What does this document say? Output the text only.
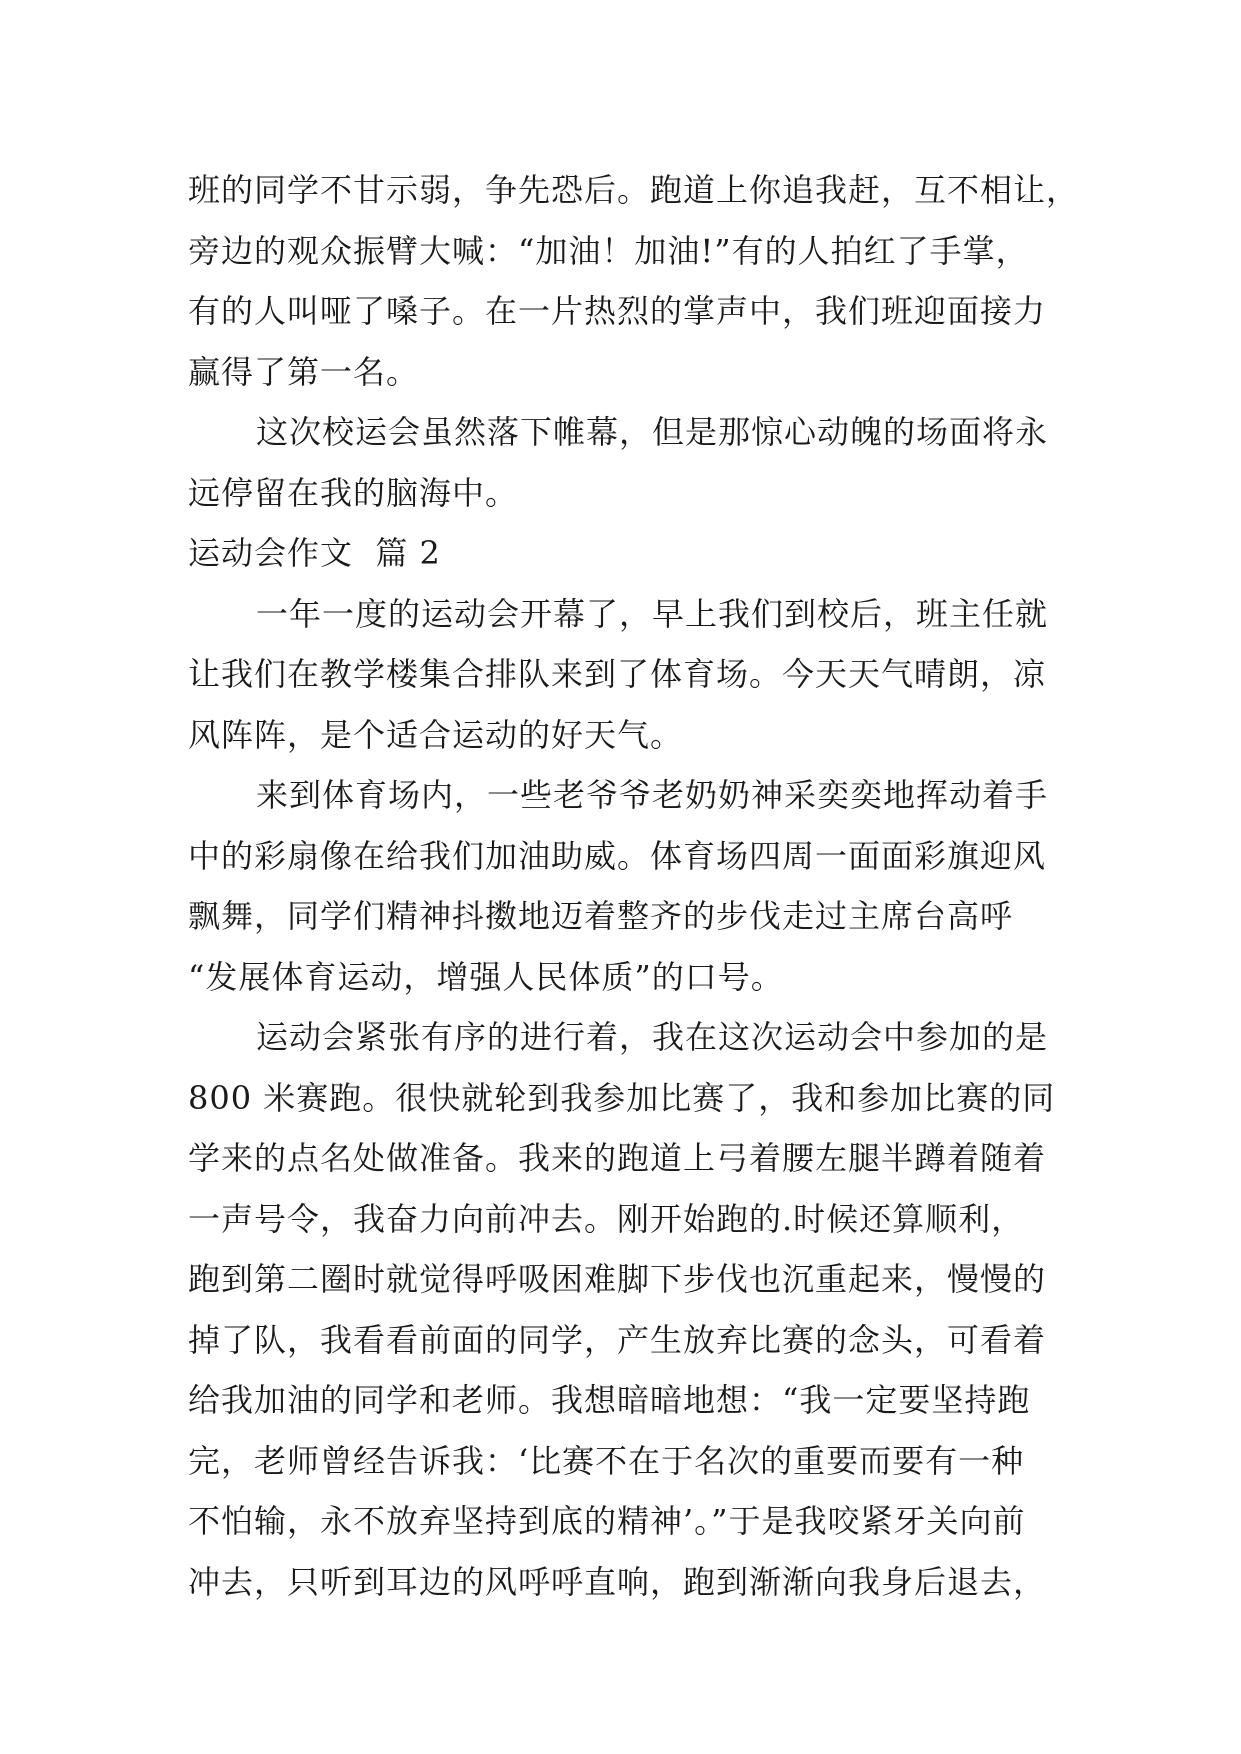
班的同学不甘示弱，争先恐后。跑道上你追我赶，互不相让，
旁边的观众振臂大喊：“加油！加油!”有的人拍红了手掌，
有的人叫哑了嗓子。在一片热烈的掌声中，我们班迎面接力
赢得了第一名。
这次校运会虽然落下帷幕，但是那惊心动魄的场面将永
远停留在我的脑海中。
运动会作文  篇 2
一年一度的运动会开幕了，早上我们到校后，班主任就
让我们在教学楼集合排队来到了体育场。今天天气晴朗，凉
风阵阵，是个适合运动的好天气。
来到体育场内，一些老爷爷老奶奶神采奕奕地挥动着手
中的彩扇像在给我们加油助威。体育场四周一面面彩旗迎风
飘舞，同学们精神抖擞地迈着整齐的步伐走过主席台高呼
“发展体育运动，增强人民体质”的口号。
运动会紧张有序的进行着，我在这次运动会中参加的是
800 米赛跑。很快就轮到我参加比赛了，我和参加比赛的同
学来的点名处做准备。我来的跑道上弓着腰左腿半蹲着随着
一声号令，我奋力向前冲去。刚开始跑的.时候还算顺利，
跑到第二圈时就觉得呼吸困难脚下步伐也沉重起来，慢慢的
掉了队，我看看前面的同学，产生放弃比赛的念头，可看着
给我加油的同学和老师。我想暗暗地想：“我一定要坚持跑
完，老师曾经告诉我：‘比赛不在于名次的重要而要有一种
不怕输，永不放弃坚持到底的精神’。”于是我咬紧牙关向前
冲去，只听到耳边的风呼呼直响，跑到渐渐向我身后退去，
